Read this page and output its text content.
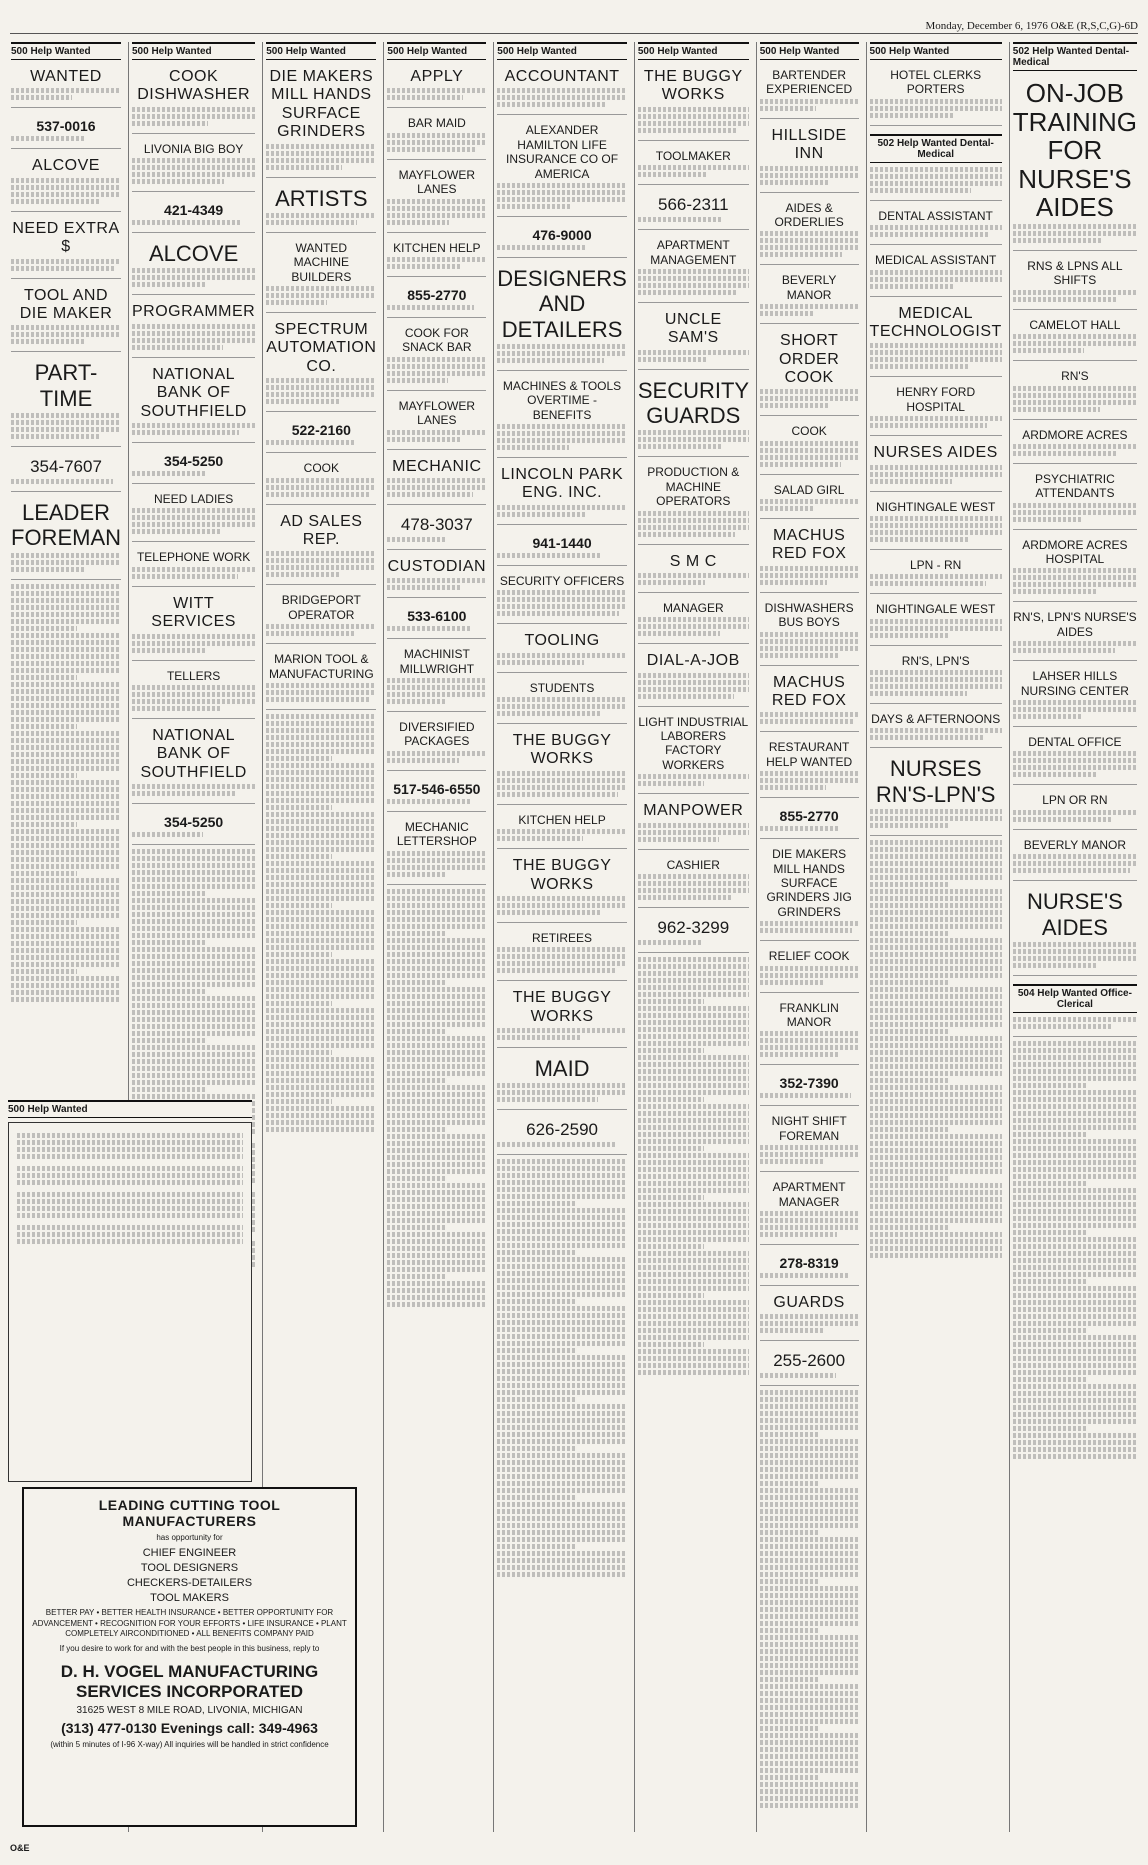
Monday, December 6, 1976 O&E (R,S,C,G)-6D
500 Help Wanted
WANTED
537-0016
ALCOVE
NEED EXTRA $
TOOL AND DIE MAKER
PART-TIME
354-7607
LEADER FOREMAN
500 Help Wanted
COOK DISHWASHER
LIVONIA BIG BOY
421-4349
ALCOVE
PROGRAMMER
NATIONAL BANK OF SOUTHFIELD
354-5250
NEED LADIES
TELEPHONE WORK
WITT SERVICES
TELLERS
NATIONAL BANK OF SOUTHFIELD
354-5250
500 Help Wanted
DIE MAKERS MILL HANDS SURFACE GRINDERS
ARTISTS
WANTED MACHINE BUILDERS
SPECTRUM AUTOMATION CO.
522-2160
COOK
AD SALES REP.
BRIDGEPORT OPERATOR
MARION TOOL & MANUFACTURING
500 Help Wanted
APPLY
BAR MAID
MAYFLOWER LANES
KITCHEN HELP
855-2770
COOK FOR SNACK BAR
MAYFLOWER LANES
MECHANIC
478-3037
CUSTODIAN
533-6100
MACHINIST MILLWRIGHT
DIVERSIFIED PACKAGES
517-546-6550
MECHANIC LETTERSHOP
500 Help Wanted
ACCOUNTANT
ALEXANDER HAMILTON LIFE INSURANCE CO OF AMERICA
476-9000
DESIGNERS AND DETAILERS
MACHINES & TOOLS OVERTIME - BENEFITS
LINCOLN PARK ENG. INC.
941-1440
SECURITY OFFICERS
TOOLING
STUDENTS
THE BUGGY WORKS
KITCHEN HELP
THE BUGGY WORKS
RETIREES
THE BUGGY WORKS
MAID
626-2590
500 Help Wanted
THE BUGGY WORKS
TOOLMAKER
566-2311
APARTMENT MANAGEMENT
UNCLE SAM'S
SECURITY GUARDS
PRODUCTION & MACHINE OPERATORS
S M C
MANAGER
DIAL-A-JOB
LIGHT INDUSTRIAL LABORERS FACTORY WORKERS
MANPOWER
CASHIER
962-3299
500 Help Wanted
BARTENDER EXPERIENCED
HILLSIDE INN
AIDES & ORDERLIES
BEVERLY MANOR
SHORT ORDER COOK
COOK
SALAD GIRL
MACHUS RED FOX
DISHWASHERS BUS BOYS
MACHUS RED FOX
RESTAURANT HELP WANTED
855-2770
DIE MAKERS MILL HANDS SURFACE GRINDERS JIG GRINDERS
RELIEF COOK
FRANKLIN MANOR
352-7390
NIGHT SHIFT FOREMAN
APARTMENT MANAGER
278-8319
GUARDS
255-2600
500 Help Wanted
HOTEL CLERKS PORTERS
502 Help Wanted Dental-Medical
DENTAL ASSISTANT
MEDICAL ASSISTANT
MEDICAL TECHNOLOGIST
HENRY FORD HOSPITAL
NURSES AIDES
NIGHTINGALE WEST
LPN - RN
NIGHTINGALE WEST
RN'S, LPN'S
DAYS & AFTERNOONS
NURSES RN'S-LPN'S
502 Help Wanted Dental-Medical
ON-JOB TRAINING FOR NURSE'S AIDES
RNS & LPNS ALL SHIFTS
CAMELOT HALL
RN'S
ARDMORE ACRES
PSYCHIATRIC ATTENDANTS
ARDMORE ACRES HOSPITAL
RN'S, LPN'S NURSE'S AIDES
LAHSER HILLS NURSING CENTER
DENTAL OFFICE
LPN OR RN
BEVERLY MANOR
NURSE'S AIDES
504 Help Wanted Office-Clerical
500 Help Wanted
LEADING CUTTING TOOL MANUFACTURERS
has opportunity for
CHIEF ENGINEER
TOOL DESIGNERS
CHECKERS-DETAILERS
TOOL MAKERS
BETTER PAY • BETTER HEALTH INSURANCE • BETTER OPPORTUNITY FOR ADVANCEMENT • RECOGNITION FOR YOUR EFFORTS • LIFE INSURANCE • PLANT COMPLETELY AIRCONDITIONED • ALL BENEFITS COMPANY PAID
If you desire to work for and with the best people in this business, reply to
D. H. VOGEL MANUFACTURING SERVICES INCORPORATED
31625 WEST 8 MILE ROAD, LIVONIA, MICHIGAN
(313) 477-0130 Evenings call: 349-4963
(within 5 minutes of I-96 X-way) All inquiries will be handled in strict confidence
O&E
